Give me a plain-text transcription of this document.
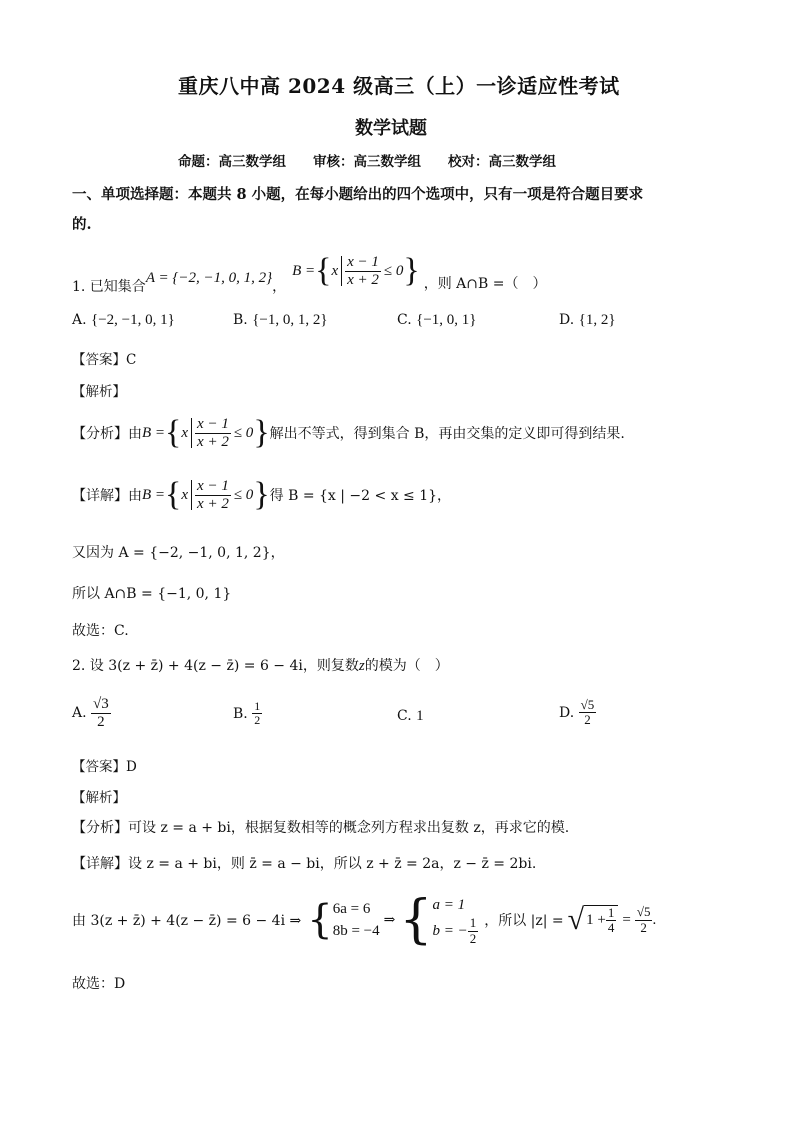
重庆八中高 2024 级高三（上）一诊适应性考试
数学试题
命题：高三数学组　　审核：高三数学组　　校对：高三数学组
一、单项选择题：本题共 8 小题，在每小题给出的四个选项中，只有一项是符合题目要求
的.
1. 已知集合
A = {−2, −1, 0, 1, 2}
，
B = { x $\frac{x - 1}{x + 2} \le 0$ } ，则 A∩B =（　）
A. {−2, −1, 0, 1}	B. {−1, 0, 1, 2}	C. {−1, 0, 1}	D. {1, 2}
【答案】C
【解析】
【分析】 由 B = { x $\frac{x - 1}{x + 2} \le 0$ } 解出不等式，得到集合 B，再由交集的定义即可得到结果.
【详解】 由 B = { x $\frac{x - 1}{x + 2} \le 0$ } 得 B = {x | −2 < x ≤ 1}，
又因为 A = {−2, −1, 0, 1, 2}，
所以 A∩B = {−1, 0, 1}
故选：C.
2. 设 3(z + z̄) + 4(z − z̄) = 6 − 4i，则复数z的模为（　）
A.
$\frac{√3}{2}$	B.
$\frac{1}{2}$	C. 1	D.
$\frac{√5}{2}$
【答案】D
【解析】
【分析】可设 z = a + bi，根据复数相等的概念列方程求出复数 z，再求它的模.
【详解】设 z = a + bi，则 z̄ = a − bi，所以 z + z̄ = 2a，z − z̄ = 2bi.
由 3(z + z̄) + 4(z − z̄) = 6 − 4i ⇒ { 6a = 6
8b = −4
⇒ { a = 1
b = − $\frac{1}{2}$ ，所以 |z| = √ $1 + \frac{1}{4} = \frac{√5}{2}$ .
故选：D
